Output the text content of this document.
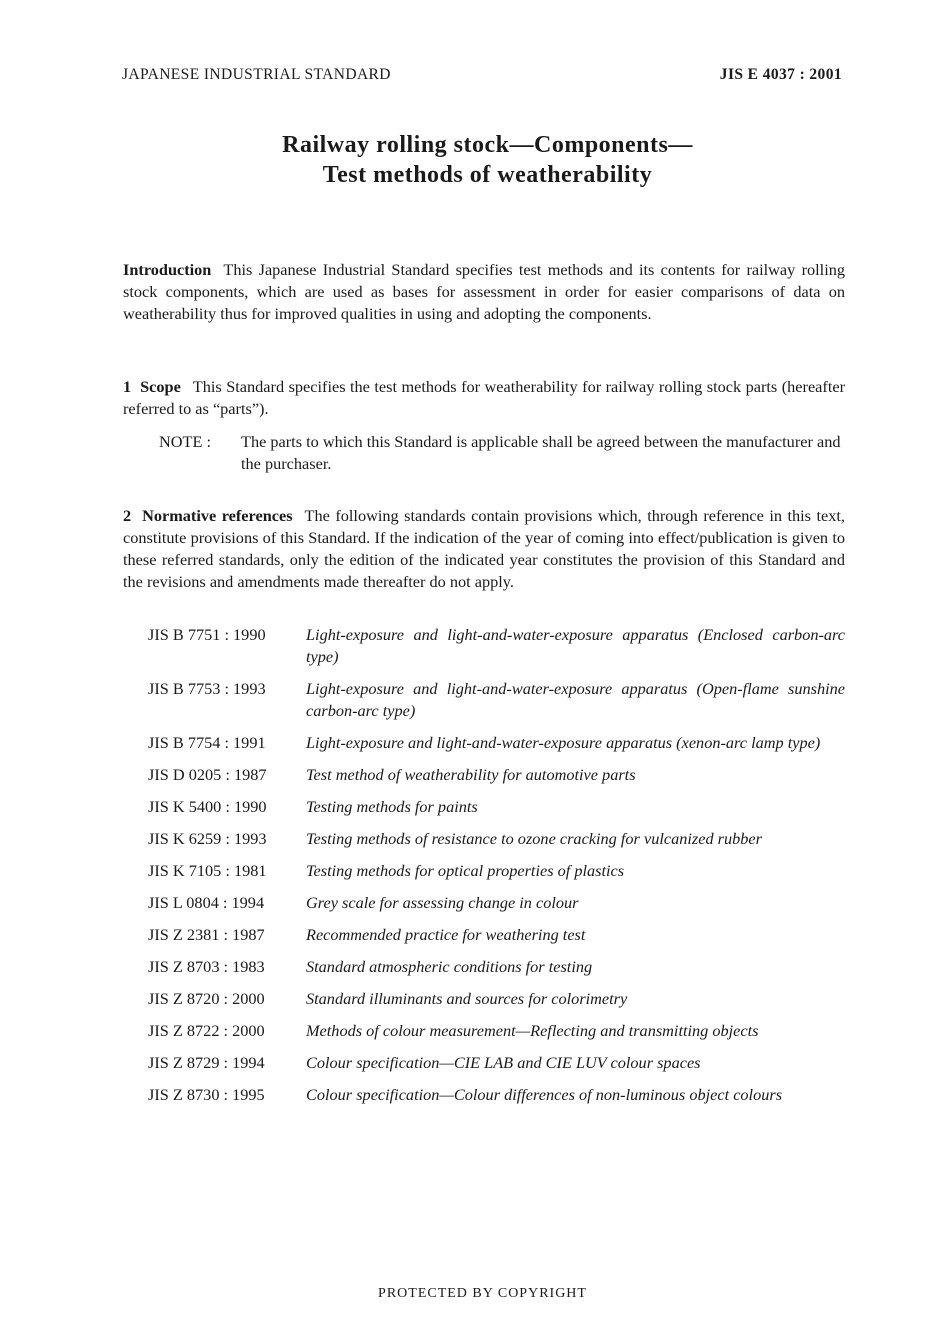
JAPANESE INDUSTRIAL STANDARD	JIS E 4037 : 2001
Railway rolling stock—Components—
Test methods of weatherability
Introduction This Japanese Industrial Standard specifies test methods and its contents for railway rolling stock components, which are used as bases for assessment in order for easier comparisons of data on weatherability thus for improved qualities in using and adopting the components.
1  Scope This Standard specifies the test methods for weatherability for railway rolling stock parts (hereafter referred to as “parts”).
NOTE :	The parts to which this Standard is applicable shall be agreed between the manufacturer and the purchaser.
2  Normative references The following standards contain provisions which, through reference in this text, constitute provisions of this Standard. If the indication of the year of coming into effect/publication is given to these referred standards, only the edition of the indicated year constitutes the provision of this Standard and the revisions and amendments made thereafter do not apply.
JIS B 7751 : 1990	Light-exposure and light-and-water-exposure apparatus (Enclosed carbon-arc type)
JIS B 7753 : 1993	Light-exposure and light-and-water-exposure apparatus (Open-flame sunshine carbon-arc type)
JIS B 7754 : 1991	Light-exposure and light-and-water-exposure apparatus (xenon-arc lamp type)
JIS D 0205 : 1987	Test method of weatherability for automotive parts
JIS K 5400 : 1990	Testing methods for paints
JIS K 6259 : 1993	Testing methods of resistance to ozone cracking for vulcanized rubber
JIS K 7105 : 1981	Testing methods for optical properties of plastics
JIS L 0804 : 1994	Grey scale for assessing change in colour
JIS Z 2381 : 1987	Recommended practice for weathering test
JIS Z 8703 : 1983	Standard atmospheric conditions for testing
JIS Z 8720 : 2000	Standard illuminants and sources for colorimetry
JIS Z 8722 : 2000	Methods of colour measurement—Reflecting and transmitting objects
JIS Z 8729 : 1994	Colour specification—CIE LAB and CIE LUV colour spaces
JIS Z 8730 : 1995	Colour specification—Colour differences of non-luminous object colours
PROTECTED BY COPYRIGHT
